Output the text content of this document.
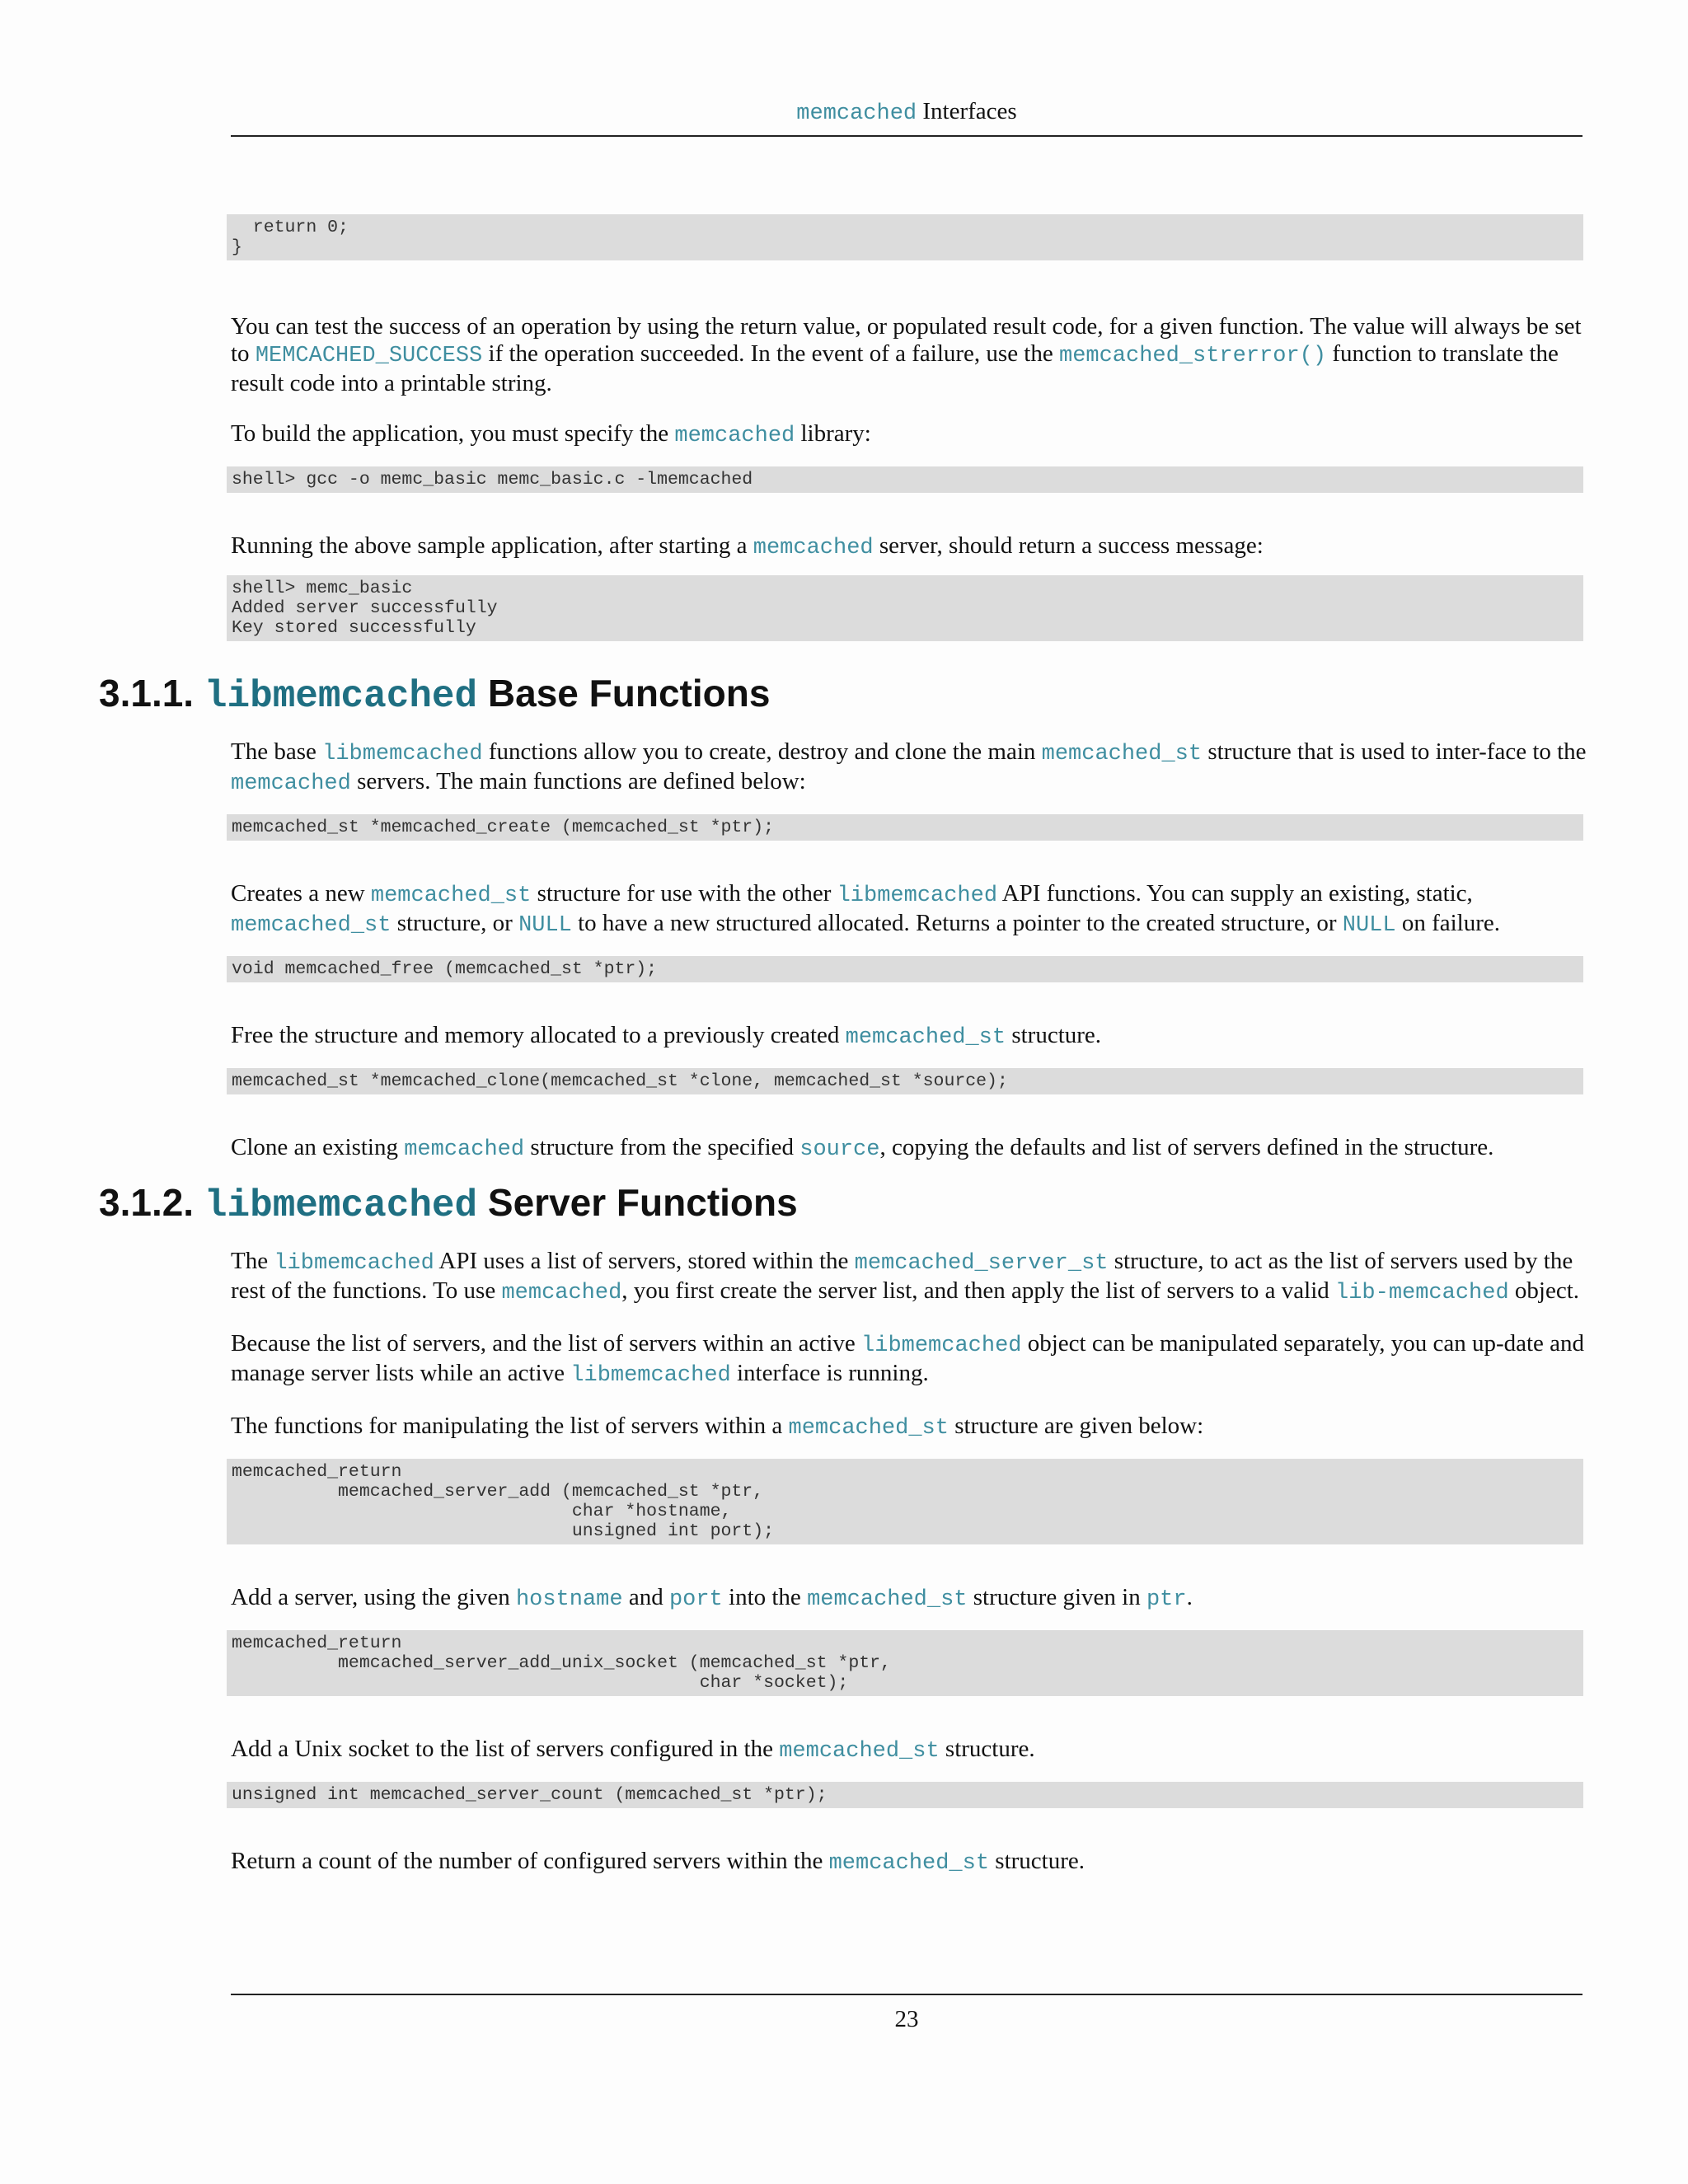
memcached Interfaces
return 0;
}

You can test the success of an operation by using the return value, or populated result code, for a given function. The value will always be set to MEMCACHED_SUCCESS if the operation succeeded. In the event of a failure, use the memcached_strerror() function to translate the result code into a printable string.

To build the application, you must specify the memcached library:

shell> gcc -o memc_basic memc_basic.c -lmemcached

Running the above sample application, after starting a memcached server, should return a success message:

shell> memc_basic
Added server successfully
Key stored successfully
3.1.1. libmemcached Base Functions

The base libmemcached functions allow you to create, destroy and clone the main memcached_st structure that is used to inter-face to the memcached servers. The main functions are defined below:

memcached_st *memcached_create (memcached_st *ptr);

Creates a new memcached_st structure for use with the other libmemcached API functions. You can supply an existing, static, memcached_st structure, or NULL to have a new structured allocated. Returns a pointer to the created structure, or NULL on failure.

void memcached_free (memcached_st *ptr);

Free the structure and memory allocated to a previously created memcached_st structure.

memcached_st *memcached_clone(memcached_st *clone, memcached_st *source);

Clone an existing memcached structure from the specified source, copying the defaults and list of servers defined in the structure.

3.1.2. libmemcached Server Functions

The libmemcached API uses a list of servers, stored within the memcached_server_st structure, to act as the list of servers used by the rest of the functions. To use memcached, you first create the server list, and then apply the list of servers to a valid lib-memcached object.

Because the list of servers, and the list of servers within an active libmemcached object can be manipulated separately, you can up-date and manage server lists while an active libmemcached interface is running.

The functions for manipulating the list of servers within a memcached_st structure are given below:

memcached_return
memcached_server_add (memcached_st *ptr,
char *hostname,
unsigned int port);

Add a server, using the given hostname and port into the memcached_st structure given in ptr.

memcached_return
memcached_server_add_unix_socket (memcached_st *ptr,
char *socket);

Add a Unix socket to the list of servers configured in the memcached_st structure.

unsigned int memcached_server_count (memcached_st *ptr);

Return a count of the number of configured servers within the memcached_st structure.

23
